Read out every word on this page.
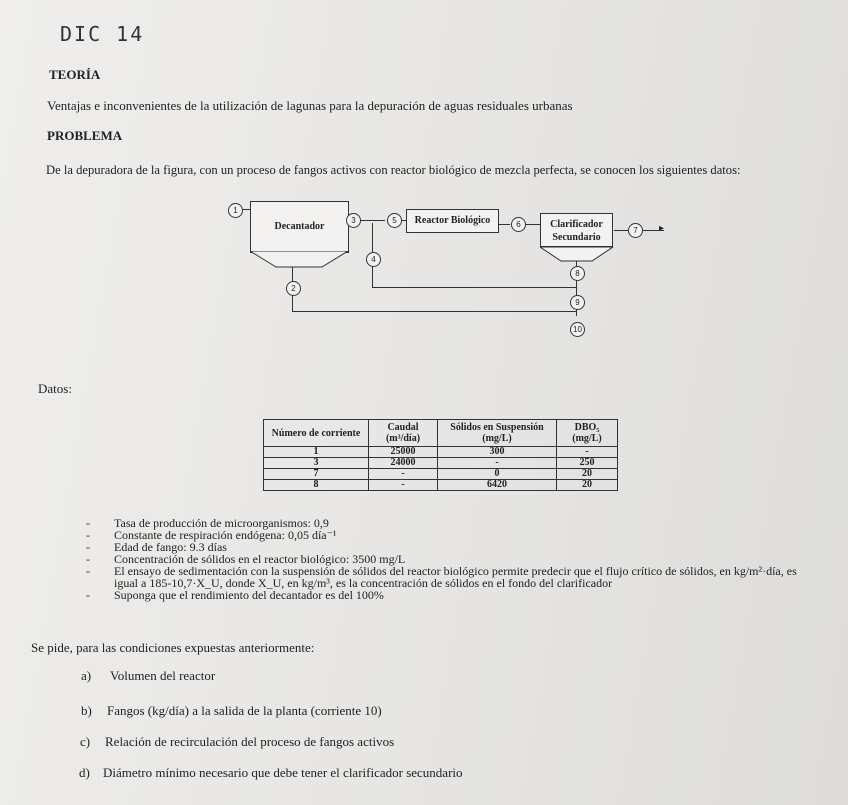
DIC 14
TEORÍA
Ventajas e inconvenientes de la utilización de lagunas para la depuración de aguas residuales urbanas
PROBLEMA
De la depuradora de la figura, con un proceso de fangos activos con reactor biológico de mezcla perfecta, se conocen los siguientes datos:
1
Decantador
3	5	Reactor Biológico	6	Clarificador
Secundario
7	▸
8
4
9
2
10
Datos:
Número de corriente	Caudal (m³/día)	Sólidos en Suspensión (mg/L)	DBO₅ (mg/L)
1	25000	300	-
3	24000	-	250
7	-	0	20
8	-	6420	20
- Tasa de producción de microorganismos: 0,9
- Constante de respiración endógena: 0,05 día⁻¹
- Edad de fango: 9.3 días
- Concentración de sólidos en el reactor biológico: 3500 mg/L
- El ensayo de sedimentación con la suspensión de sólidos del reactor biológico permite predecir que el flujo crítico de sólidos, en kg/m²·día, es igual a 185-10,7·X_U, donde X_U, en kg/m³, es la concentración de sólidos en el fondo del clarificador
- Suponga que el rendimiento del decantador es del 100%
Se pide, para las condiciones expuestas anteriormente:
a) Volumen del reactor
b) Fangos (kg/día) a la salida de la planta (corriente 10)
c) Relación de recirculación del proceso de fangos activos
d) Diámetro mínimo necesario que debe tener el clarificador secundario
